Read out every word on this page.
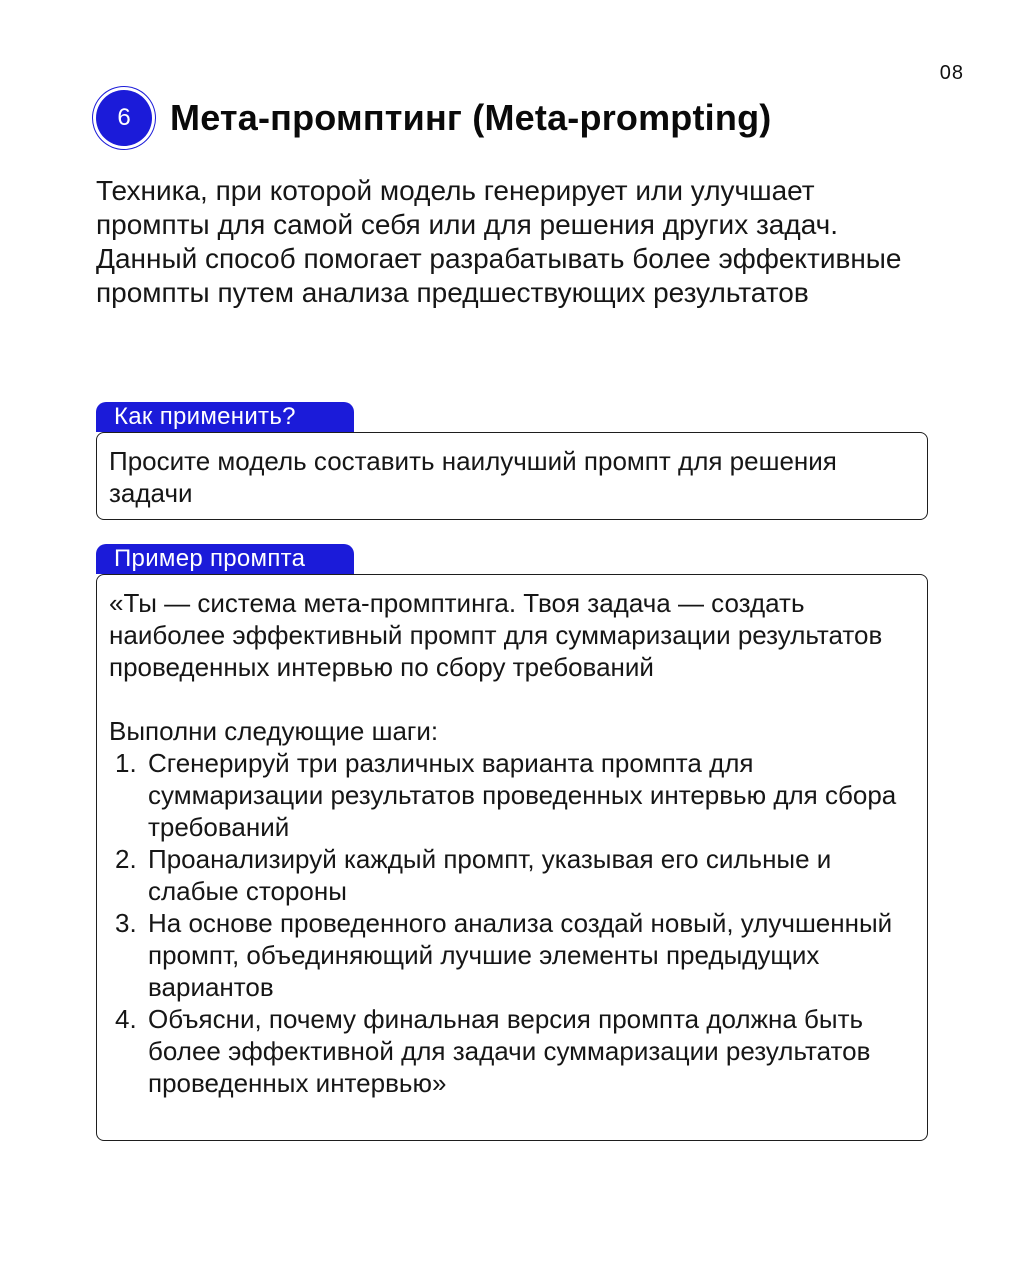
08
6	Мета-промптинг (Meta-prompting)
Техника, при которой модель генерирует или улучшает промпты для самой себя или для решения других задач. Данный способ помогает разрабатывать более эффективные промпты путем анализа предшествующих результатов
Как применить?
Просите модель составить наилучший промпт для решения задачи
Пример промпта

«Ты — система мета-промптинга. Твоя задача — создать наиболее эффективный промпт для суммаризации результатов проведенных интервью по сбору требований

Выполни следующие шаги:

1. Сгенерируй три различных варианта промпта для суммаризации результатов проведенных интервью для сбора требований
2. Проанализируй каждый промпт, указывая его сильные и слабые стороны
3. На основе проведенного анализа создай новый, улучшенный промпт, объединяющий лучшие элементы предыдущих вариантов
4. Объясни, почему финальная версия промпта должна быть более эффективной для задачи суммаризации результатов проведенных интервью»
